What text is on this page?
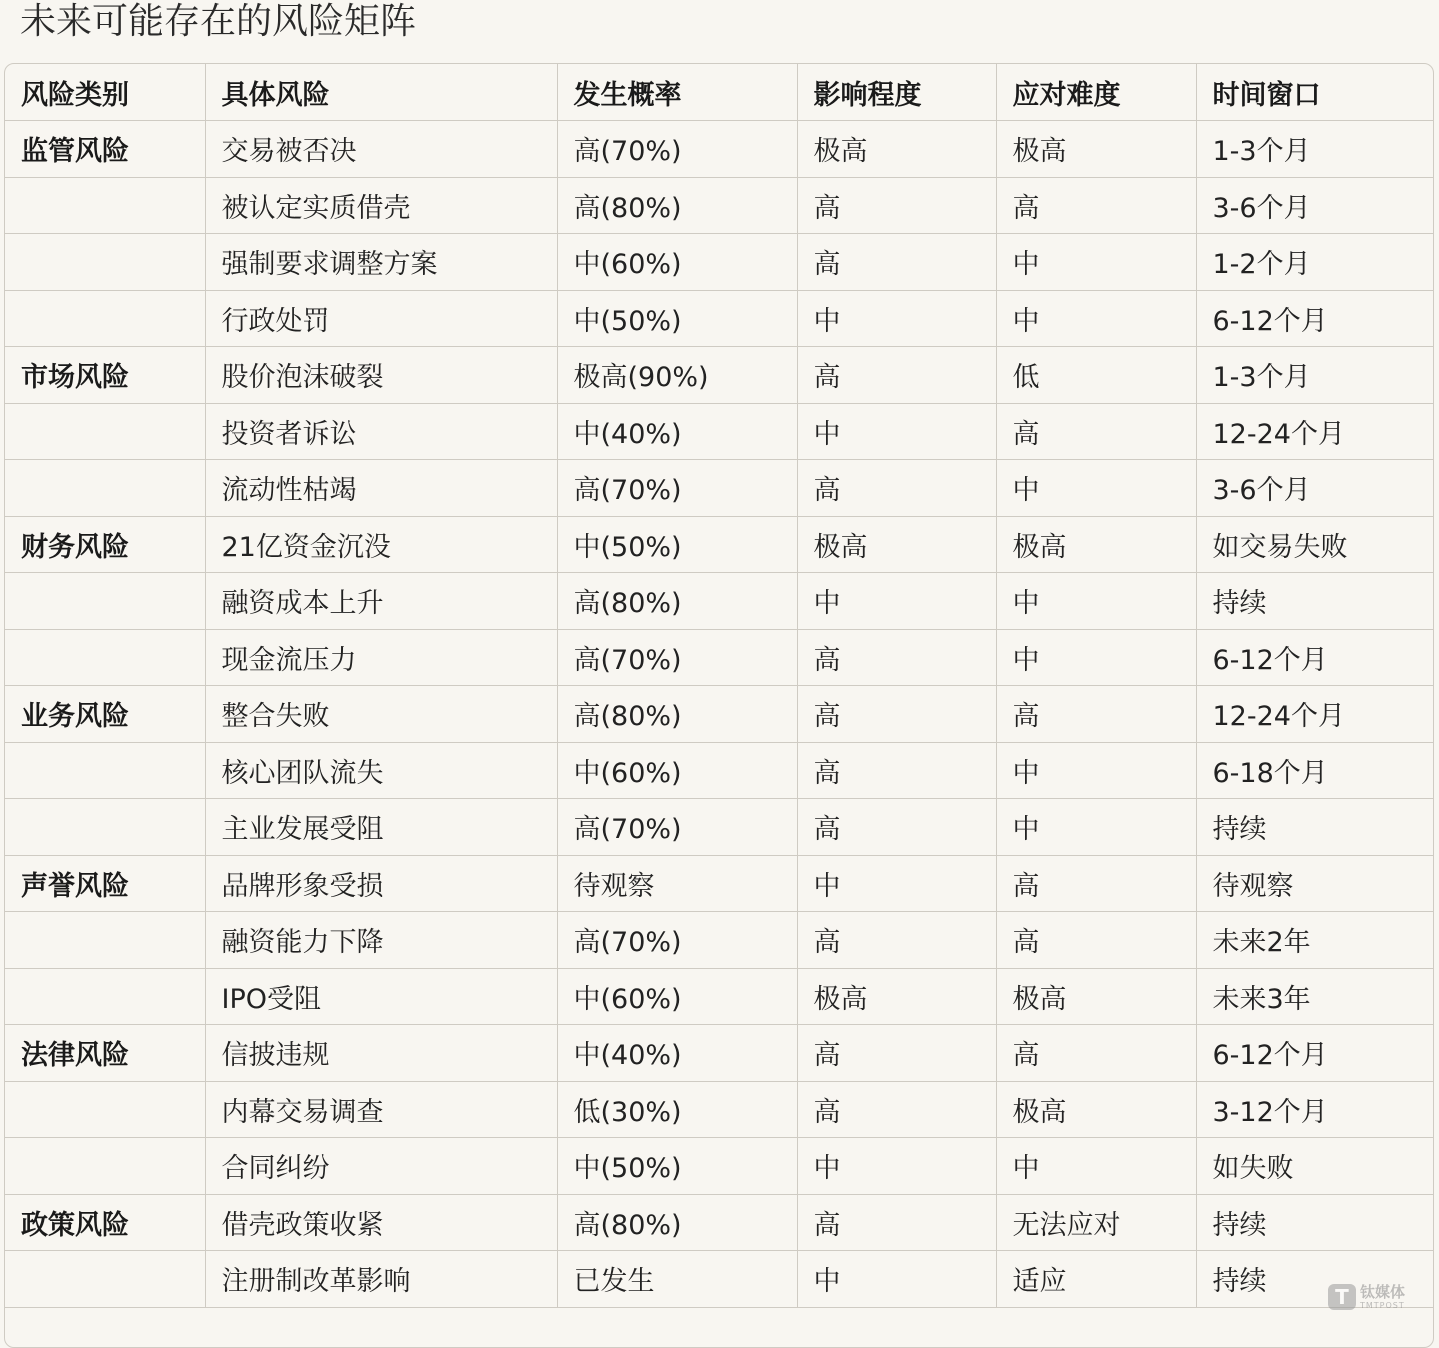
未来可能存在的风险矩阵
风险类别	具体风险	发生概率	影响程度	应对难度	时间窗口
监管风险	交易被否决	高(70%)	极高	极高	1-3个月
	被认定实质借壳	高(80%)	高	高	3-6个月
	强制要求调整方案	中(60%)	高	中	1-2个月
	行政处罚	中(50%)	中	中	6-12个月
市场风险	股价泡沫破裂	极高(90%)	高	低	1-3个月
	投资者诉讼	中(40%)	中	高	12-24个月
	流动性枯竭	高(70%)	高	中	3-6个月
财务风险	21亿资金沉没	中(50%)	极高	极高	如交易失败
	融资成本上升	高(80%)	中	中	持续
	现金流压力	高(70%)	高	中	6-12个月
业务风险	整合失败	高(80%)	高	高	12-24个月
	核心团队流失	中(60%)	高	中	6-18个月
	主业发展受阻	高(70%)	高	中	持续
声誉风险	品牌形象受损	待观察	中	高	待观察
	融资能力下降	高(70%)	高	高	未来2年
	IPO受阻	中(60%)	极高	极高	未来3年
法律风险	信披违规	中(40%)	高	高	6-12个月
	内幕交易调查	低(30%)	高	极高	3-12个月
	合同纠纷	中(50%)	中	中	如失败
政策风险	借壳政策收紧	高(80%)	高	无法应对	持续
	注册制改革影响	已发生	中	适应	持续	T 钛媒体
TMTPOST
